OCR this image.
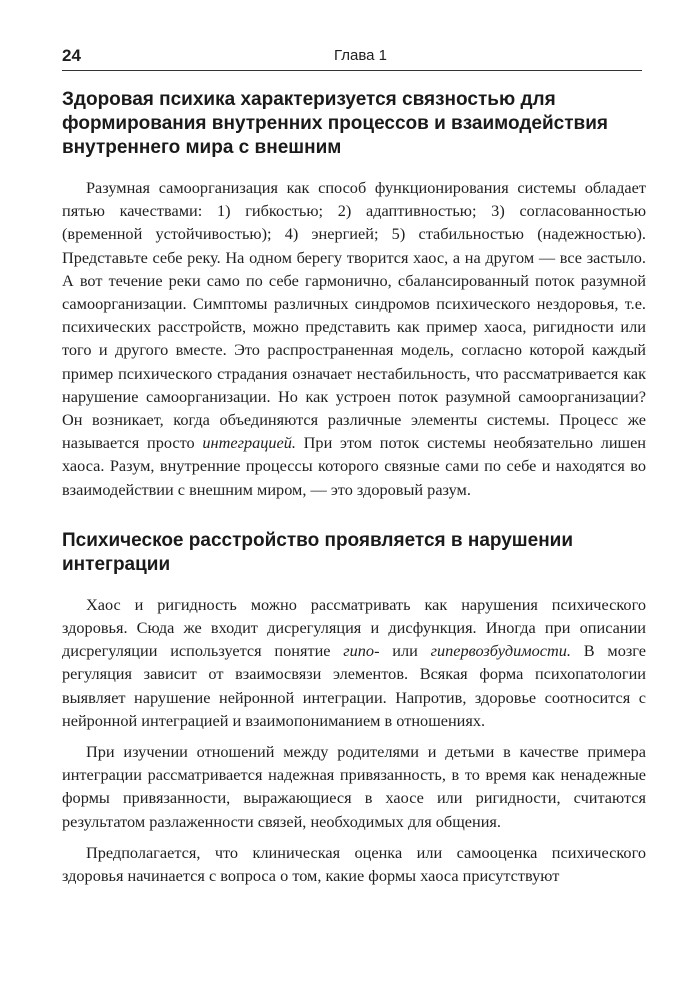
24	Глава 1
Здоровая психика характеризуется связностью для формирования внутренних процессов и взаимодействия внутреннего мира с внешним

Разумная самоорганизация как способ функционирования системы обладает пятью качествами: 1) гибкостью; 2) адаптивностью; 3) согласованностью (временной устойчивостью); 4) энергией; 5) стабильностью (надежностью). Представьте себе реку. На одном берегу творится хаос, а на другом — все застыло. А вот течение реки само по себе гармонично, сбалансированный поток разумной самоорганизации. Симптомы различных синдромов психического нездоровья, т.е. психических расстройств, можно представить как пример хаоса, ригидности или того и другого вместе. Это распространенная модель, согласно которой каждый пример психического страдания означает нестабильность, что рассматривается как нарушение самоорганизации. Но как устроен поток разумной самоорганизации? Он возникает, когда объединяются различные элементы системы. Процесс же называется просто интеграцией. При этом поток системы необязательно лишен хаоса. Разум, внутренние процессы которого связные сами по себе и находятся во взаимодействии с внешним миром, — это здоровый разум.

Психическое расстройство проявляется в нарушении интеграции

Хаос и ригидность можно рассматривать как нарушения психического здоровья. Сюда же входит дисрегуляция и дисфункция. Иногда при описании дисрегуляции используется понятие гипо- или гипервозбудимости. В мозге регуляция зависит от взаимосвязи элементов. Всякая форма психопатологии выявляет нарушение нейронной интеграции. Напротив, здоровье соотносится с нейронной интеграцией и взаимопониманием в отношениях.

При изучении отношений между родителями и детьми в качестве примера интеграции рассматривается надежная привязанность, в то время как ненадежные формы привязанности, выражающиеся в хаосе или ригидности, считаются результатом разлаженности связей, необходимых для общения.

Предполагается, что клиническая оценка или самооценка психического здоровья начинается с вопроса о том, какие формы хаоса присутствуют
